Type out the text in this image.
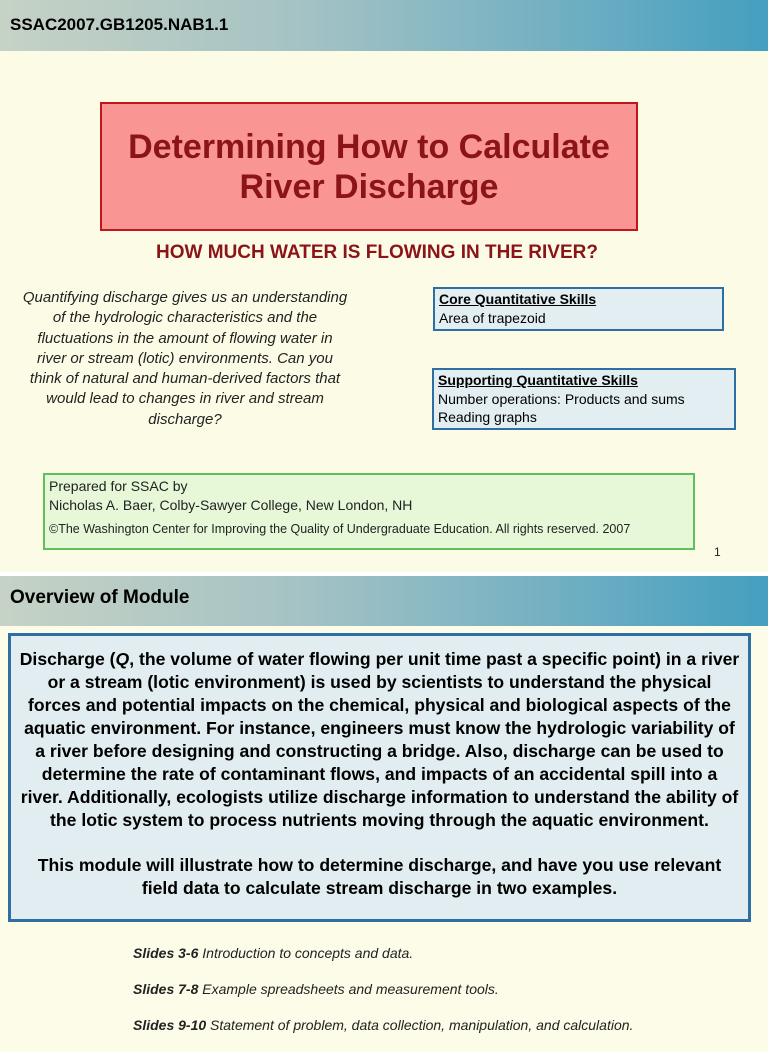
SSAC2007.GB1205.NAB1.1
Determining How to Calculate
River Discharge
HOW MUCH WATER IS FLOWING IN THE RIVER?
Quantifying discharge gives us an understanding of the hydrologic characteristics and the fluctuations in the amount of flowing water in river or stream (lotic) environments. Can you think of natural and human-derived factors that would lead to changes in river and stream discharge?
Core Quantitative Skills
Area of trapezoid
Supporting Quantitative Skills
Number operations: Products and sums
Reading graphs
Prepared for SSAC by
Nicholas A. Baer, Colby-Sawyer College, New London, NH
©The Washington Center for Improving the Quality of Undergraduate Education. All rights reserved. 2007
1
Overview of Module

Discharge (Q, the volume of water flowing per unit time past a specific point) in a river or a stream (lotic environment) is used by scientists to understand the physical forces and potential impacts on the chemical, physical and biological aspects of the aquatic environment. For instance, engineers must know the hydrologic variability of a river before designing and constructing a bridge. Also, discharge can be used to determine the rate of contaminant flows, and impacts of an accidental spill into a river. Additionally, ecologists utilize discharge information to understand the ability of the lotic system to process nutrients moving through the aquatic environment.

This module will illustrate how to determine discharge, and have you use relevant field data to calculate stream discharge in two examples.

Slides 3-6 Introduction to concepts and data.
Slides 7-8 Example spreadsheets and measurement tools.
Slides 9-10 Statement of problem, data collection, manipulation, and calculation.
